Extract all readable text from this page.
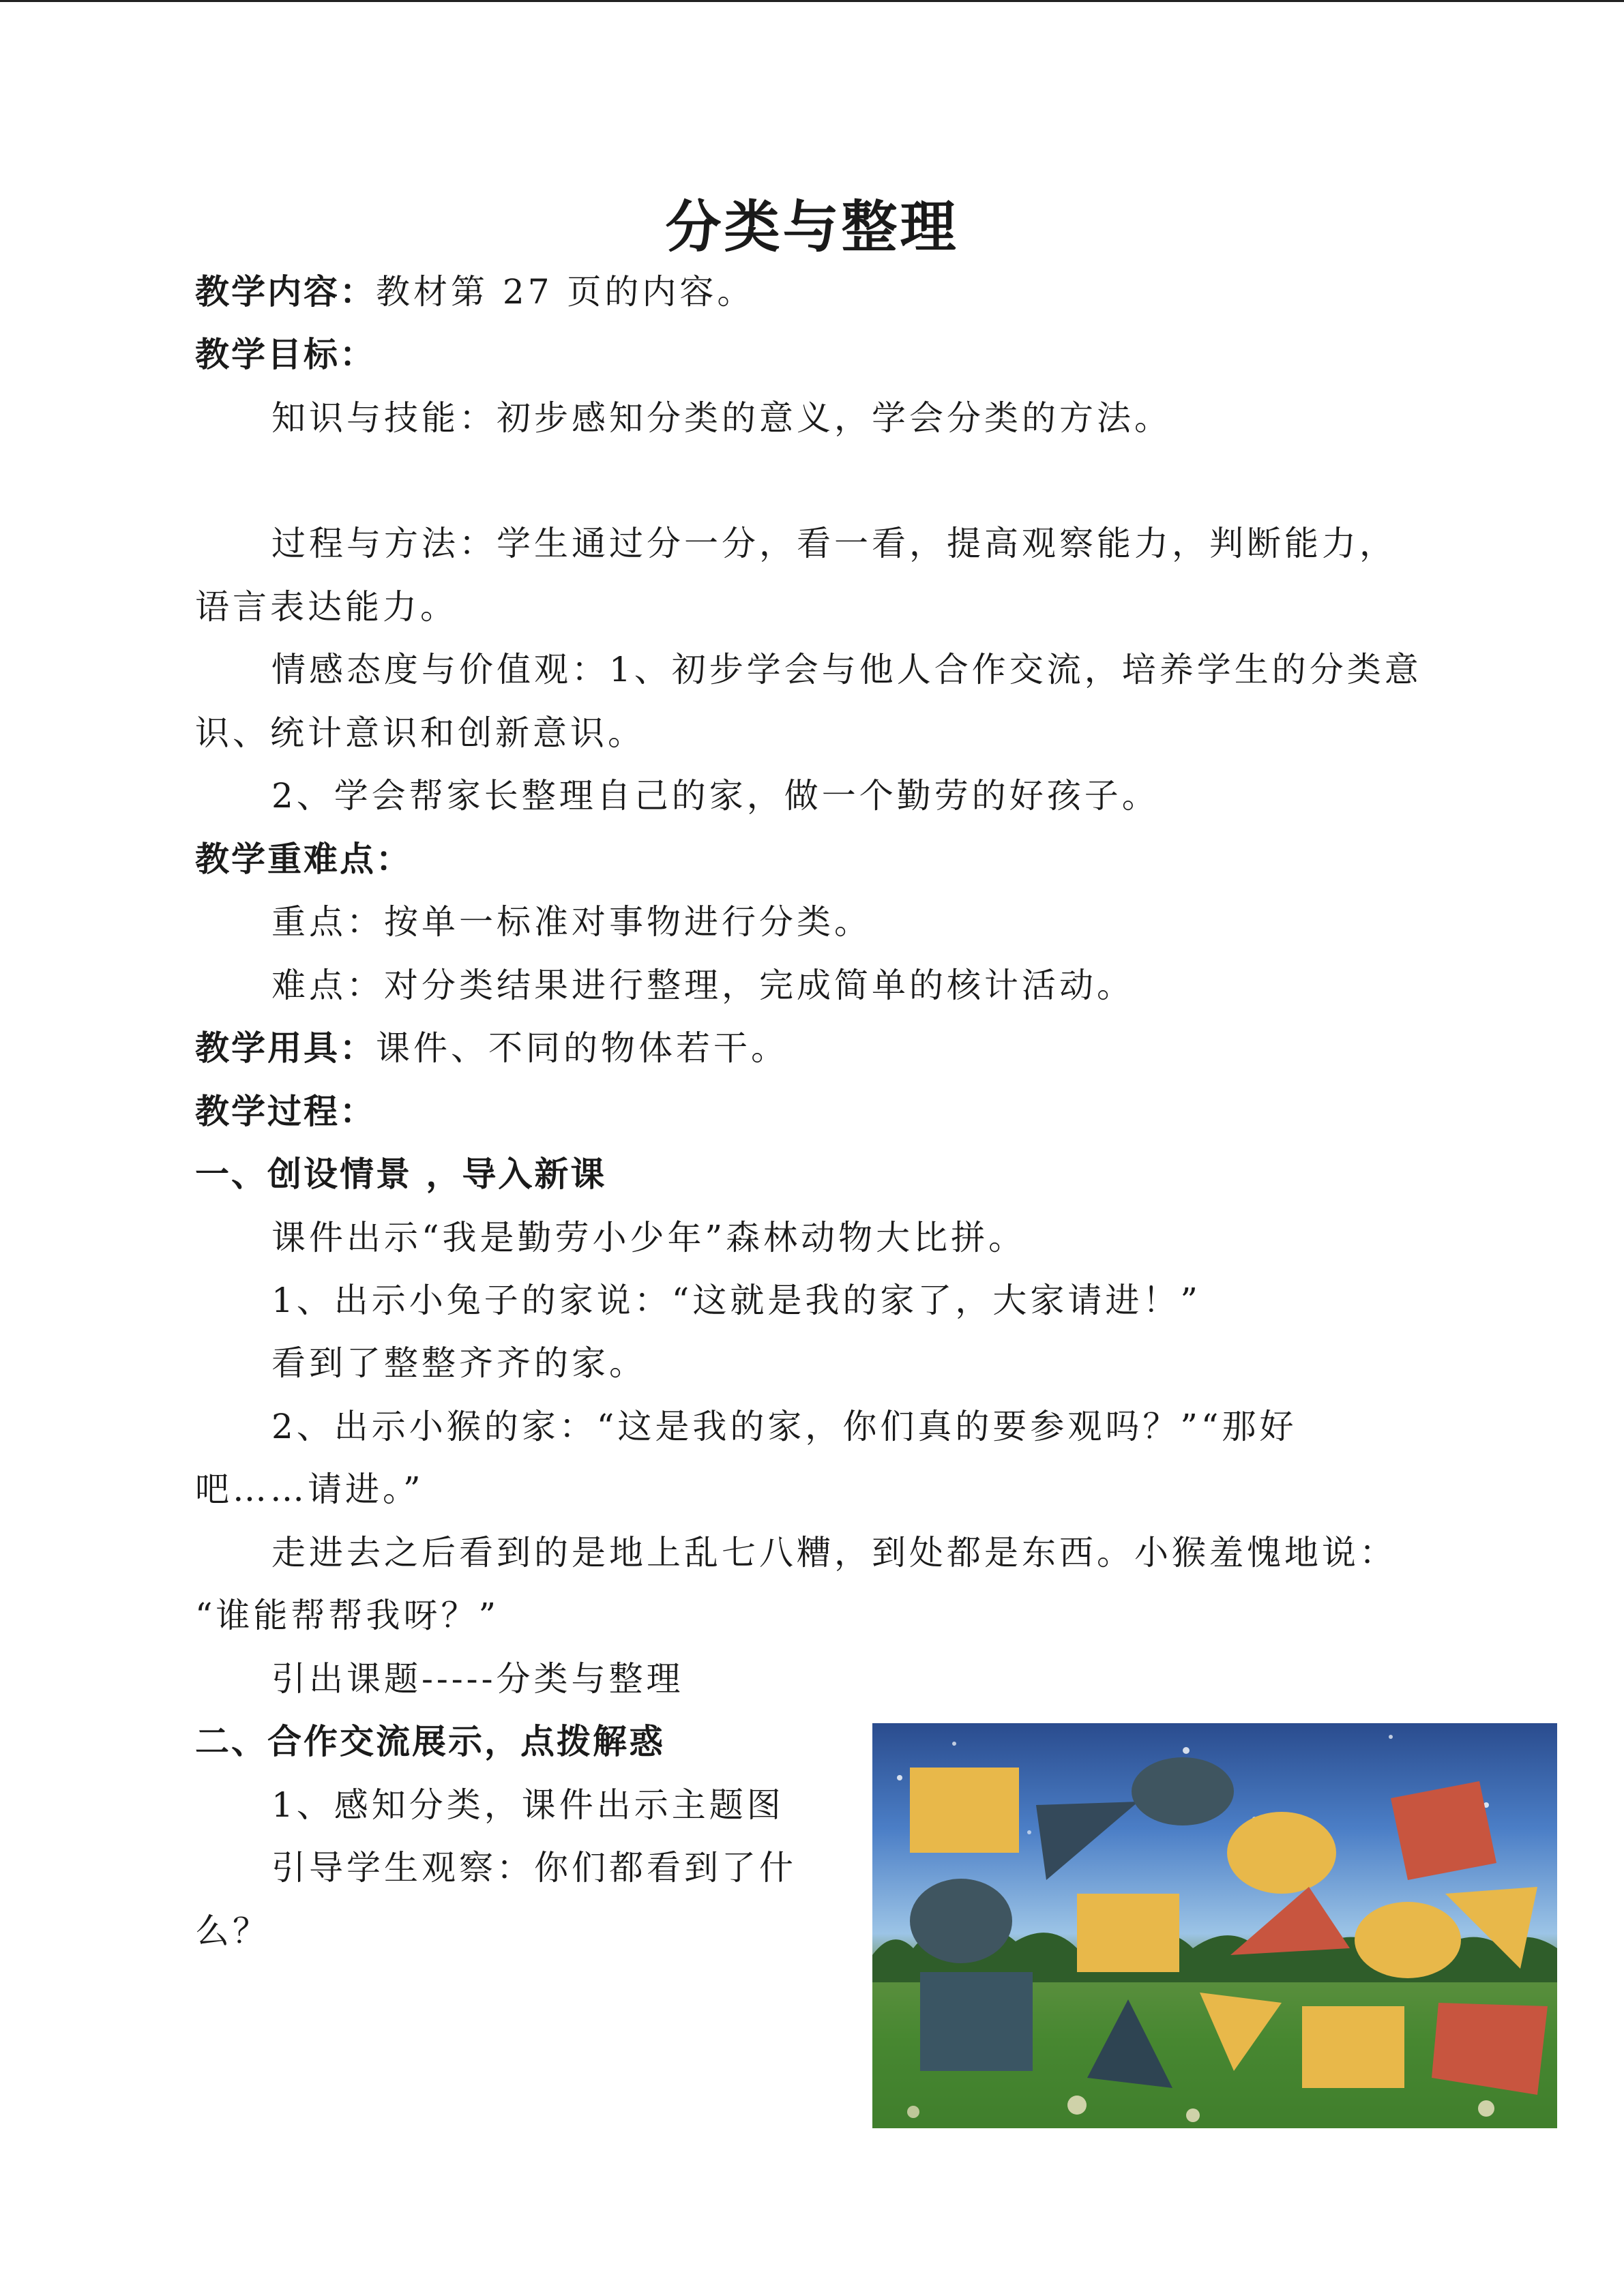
分类与整理
教学内容：教材第 27 页的内容。
教学目标：
知识与技能：初步感知分类的意义，学会分类的方法。
过程与方法：学生通过分一分，看一看，提高观察能力，判断能力，
语言表达能力。
情感态度与价值观：1、初步学会与他人合作交流，培养学生的分类意
识、统计意识和创新意识。
2、学会帮家长整理自己的家，做一个勤劳的好孩子。
教学重难点：
重点：按单一标准对事物进行分类。
难点：对分类结果进行整理，完成简单的核计活动。
教学用具：课件、不同的物体若干。
教学过程：
一、创设情景 ，导入新课
课件出示“我是勤劳小少年”森林动物大比拼。
1、出示小兔子的家说：“这就是我的家了，大家请进！”
看到了整整齐齐的家。
2、出示小猴的家：“这是我的家，你们真的要参观吗？”“那好
吧……请进。”
走进去之后看到的是地上乱七八糟，到处都是东西。小猴羞愧地说：
“谁能帮帮我呀？”
引出课题-----分类与整理
二、合作交流展示，点拨解惑
1、感知分类，课件出示主题图
引导学生观察：你们都看到了什
么？
